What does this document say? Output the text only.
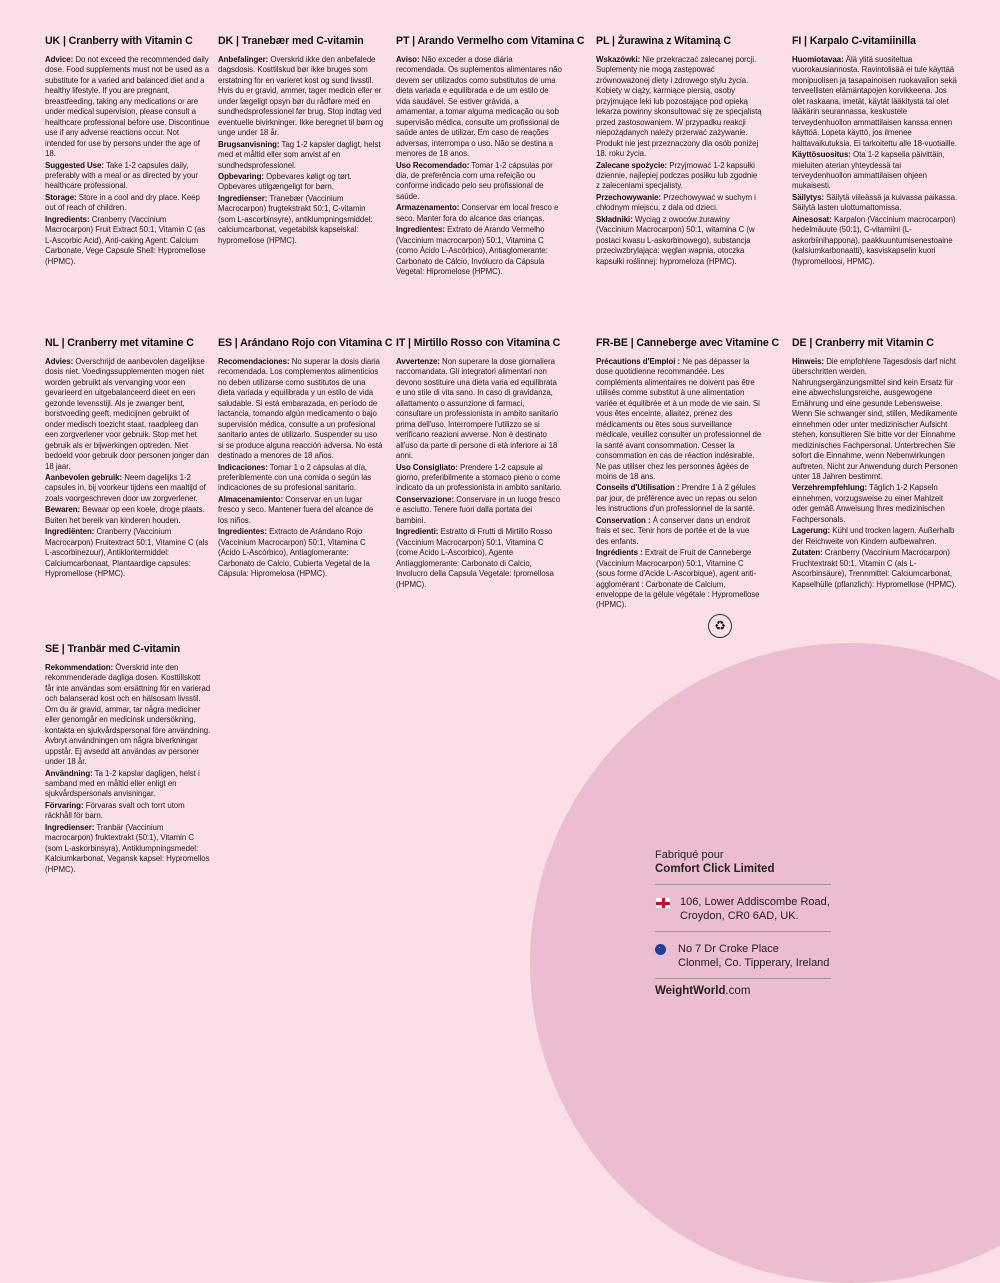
UK | Cranberry with Vitamin C

Advice: Do not exceed the recommended daily dose. Food supplements must not be used as a substitute for a varied and balanced diet and a healthy lifestyle. If you are pregnant, breastfeeding, taking any medications or are under medical supervision, please consult a healthcare professional before use. Discontinue use if any adverse reactions occur. Not intended for use by persons under the age of 18.

Suggested Use: Take 1-2 capsules daily, preferably with a meal or as directed by your healthcare professional.

Storage: Store in a cool and dry place. Keep out of reach of children.

Ingredients: Cranberry (Vaccinium Macrocarpon) Fruit Extract 50:1, Vitamin C (as L-Ascorbic Acid), Anti-caking Agent: Calcium Carbonate, Vege Capsule Shell: Hypromellose (HPMC).

DK | Tranebær med C-vitamin

Anbefalinger: Overskrid ikke den anbefalede dagsdosis. Kosttilskud bør ikke bruges som erstatning for en varieret kost og sund livsstil. Hvis du er gravid, ammer, tager medicin eller er under lægeligt opsyn bør du rådføre med en sundhedsprofessionel før brug. Stop indtag ved eventuelle bivirkninger. Ikke beregnet til børn og unge under 18 år.

Brugsanvisning: Tag 1-2 kapsler dagligt, helst med et måltid eller som anvist af en sundhedsprofessionel.

Opbevaring: Opbevares køligt og tørt. Opbevares utilgængeligt for børn.

Ingredienser: Tranebær (Vaccinium Macrocarpon) frugtekstrakt 50:1, C-vitamin (som L-ascorbinsyre), antiklumpningsmiddel: calciumcarbonat, vegetabilsk kapselskal: hypromellose (HPMC).

PT | Arando Vermelho com Vitamina C

Aviso: Não exceder a dose diária recomendada. Os suplementos alimentares não devem ser utilizados como substitutos de uma dieta variada e equilibrada e de um estilo de vida saudável. Se estiver grávida, a amamentar, a tomar alguma medicação ou sob supervisão médica, consulte um profissional de saúde antes de utilizar. Em caso de reações adversas, interrompa o uso. Não se destina a menores de 18 anos.

Uso Recomendado: Tomar 1-2 cápsulas por dia, de preferência com uma refeição ou conforme indicado pelo seu profissional de saúde.

Armazenamento: Conservar em local fresco e seco. Manter fora do alcance das crianças.

Ingredientes: Extrato de Arando Vermelho (Vaccinium macrocarpon) 50:1, Vitamina C (como Ácido L-Ascórbico), Antiaglomerante: Carbonato de Cálcio, Invólucro da Cápsula Vegetal: Hipromelose (HPMC).

PL | Żurawina z Witaminą C

Wskazówki: Nie przekraczać zalecanej porcji. Suplementy nie mogą zastępować zrównoważonej diety i zdrowego stylu życia. Kobiety w ciąży, karmiące piersią, osoby przyjmujące leki lub pozostające pod opieką lekarza powinny skonsultować się ze specjalistą przed zastosowaniem. W przypadku reakcji niepożądanych należy przerwać zażywanie. Produkt nie jest przeznaczony dla osób poniżej 18. roku życia.

Zalecane spożycie: Przyjmować 1-2 kapsułki dziennie, najlepiej podczas posiłku lub zgodnie z zaleceniami specjalisty.

Przechowywanie: Przechowywać w suchym i chłodnym miejscu, z dala od dzieci.

Składniki: Wyciąg z owoców żurawiny (Vaccinium Macrocarpon) 50:1, witamina C (w postaci kwasu L-askorbinowego), substancja przeciwzbrylająca: węglan wapnia, otoczka kapsułki roślinnej: hypromeloza (HPMC).

FI | Karpalo C-vitamiinilla

Huomiotavaa: Älä ylitä suositeltua vuorokausiannosta. Ravintolisää ei tule käyttää monipuolisen ja tasapainoisen ruokavalion sekä terveellisten elämäntapojen korvikkeena. Jos olet raskaana, imetät, käytät lääkitystä tai olet lääkärin seurannassa, keskustele terveydenhuollon ammattilaisen kanssa ennen käyttöä. Lopeta käyttö, jos ilmenee haittavaikutuksia. Ei tarkoitettu alle 18-vuotiaille.

Käyttösuositus: Ota 1-2 kapselia päivittäin, mieluiten aterian yhteydessä tai terveydenhuollon ammattilaisen ohjeen mukaisesti.

Säilytys: Säilytä viileässä ja kuivassa paikassa. Säilytä lasten ulottumattomissa.

Ainesosat: Karpalon (Vaccinium macrocarpon) hedelmäuute (50:1), C-vitamiini (L-askorbiinihappona), paakkuuntumisenestoaine (kalsiumkarbonaatti), kasviskapselin kuori (hypromelloosi, HPMC).

NL | Cranberry met vitamine C

Advies: Overschrijd de aanbevolen dagelijkse dosis niet. Voedingssupplementen mogen niet worden gebruikt als vervanging voor een gevarieerd en uitgebalanceerd dieet en een gezonde levensstijl. Als je zwanger bent, borstvoeding geeft, medicijnen gebruikt of onder medisch toezicht staat, raadpleeg dan een zorgverlener voor gebruik. Stop met het gebruik als er bijwerkingen optreden. Niet bedoeld voor gebruik door personen jonger dan 18 jaar.

Aanbevolen gebruik: Neem dagelijks 1-2 capsules in, bij voorkeur tijdens een maaltijd of zoals voorgeschreven door uw zorgverlener.

Bewaren: Bewaar op een koele, droge plaats. Buiten het bereik van kinderen houden.

Ingrediënten: Cranberry (Vaccinium Macrocarpon) Fruitextract 50:1, Vitamine C (als L-ascorbinezuur), Antiklontermiddel: Calciumcarbonaat, Plantaardige capsules: Hypromellose (HPMC).

ES | Arándano Rojo con Vitamina C

Recomendaciones: No superar la dosis diaria recomendada. Los complementos alimenticios no deben utilizarse como sustitutos de una dieta variada y equilibrada y un estilo de vida saludable. Si está embarazada, en período de lactancia, tomando algún medicamento o bajo supervisión médica, consulte a un profesional sanitario antes de utilizarlo. Suspender su uso si se produce alguna reacción adversa. No está destinado a menores de 18 años.

Indicaciones: Tomar 1 o 2 cápsulas al día, preferiblemente con una comida o según las indicaciones de su profesional sanitario.

Almacenamiento: Conservar en un lugar fresco y seco. Mantener fuera del alcance de los niños.

Ingredientes: Extracto de Arándano Rojo (Vaccinium Macrocarpon) 50:1, Vitamina C (Ácido L-Ascórbico), Antiaglomerante: Carbonato de Calcio, Cubierta Vegetal de la Cápsula: Hipromelosa (HPMC).

IT | Mirtillo Rosso con Vitamina C

Avvertenze: Non superare la dose giornaliera raccomandata. Gli integratori alimentari non devono sostituire una dieta varia ed equilibrata e uno stile di vita sano. In caso di gravidanza, allattamento o assunzione di farmaci, consultare un professionista in ambito sanitario prima dell'uso. Interrompere l'utilizzo se si verificano reazioni avverse. Non è destinato all'uso da parte di persone di età inferiore ai 18 anni.

Uso Consigliato: Prendere 1-2 capsule al giorno, preferibilmente a stomaco pieno o come indicato da un professionista in ambito sanitario.

Conservazione: Conservare in un luogo fresco e asciutto. Tenere fuori dalla portata dei bambini.

Ingredienti: Estratto di Frutti di Mirtillo Rosso (Vaccinium Macrocarpon) 50:1, Vitamina C (come Acido L-Ascorbico), Agente Antiagglomerante: Carbonato di Calcio, Involucro della Capsula Vegetale: Ipromellosa (HPMC).

FR-BE | Canneberge avec Vitamine C

Précautions d'Emploi : Ne pas dépasser la dose quotidienne recommandée. Les compléments alimentaires ne doivent pas être utilisés comme substitut à une alimentation variée et équilibrée et à un mode de vie sain. Si vous êtes enceinte, allaitez, prenez des médicaments ou êtes sous surveillance médicale, veuillez consulter un professionnel de la santé avant consommation. Cesser la consommation en cas de réaction indésirable. Ne pas utiliser chez les personnes âgées de moins de 18 ans.

Conseils d'Utilisation : Prendre 1 à 2 gélules par jour, de préférence avec un repas ou selon les instructions d'un professionnel de la santé.

Conservation : À conserver dans un endroit frais et sec. Tenir hors de portée et de la vue des enfants.

Ingrédients : Extrait de Fruit de Canneberge (Vaccinium Macrocarpon) 50:1, Vitamine C (sous forme d'Acide L-Ascorbique), agent anti-agglomérant : Carbonate de Calcium, enveloppe de la gélule végétale : Hypromellose (HPMC).

♻
DE | Cranberry mit Vitamin C

Hinweis: Die empfohlene Tagesdosis darf nicht überschritten werden. Nahrungsergänzungsmittel sind kein Ersatz für eine abwechslungsreiche, ausgewogene Ernährung und eine gesunde Lebensweise. Wenn Sie schwanger sind, stillen, Medikamente einnehmen oder unter medizinischer Aufsicht stehen, konsultieren Sie bitte vor der Einnahme medizinisches Fachpersonal. Unterbrechen Sie sofort die Einnahme, wenn Nebenwirkungen auftreten. Nicht zur Anwendung durch Personen unter 18 Jahren bestimmt.

Verzehrempfehlung: Täglich 1-2 Kapseln einnehmen, vorzugsweise zu einer Mahlzeit oder gemäß Anweisung Ihres medizinischen Fachpersonals.

Lagerung: Kühl und trocken lagern. Außerhalb der Reichweite von Kindern aufbewahren.

Zutaten: Cranberry (Vaccinium Macrocarpon) Fruchtextrakt 50:1, Vitamin C (als L-Ascorbinsäure), Trennmittel: Calciumcarbonat, Kapselhülle (pflanzlich): Hypromellose (HPMC).

SE | Tranbär med C-vitamin

Rekommendation: Överskrid inte den rekommenderade dagliga dosen. Kosttillskott får inte användas som ersättning för en varierad och balanserad kost och en hälsosam livsstil. Om du är gravid, ammar, tar några mediciner eller genomgår en medicinsk undersökning, kontakta en sjukvårdspersonal före användning. Avbryt användningen om några biverkningar uppstår. Ej avsedd att användas av personer under 18 år.

Användning: Ta 1-2 kapslar dagligen, helst i samband med en måltid eller enligt en sjukvårdspersonals anvisningar.

Förvaring: Förvaras svalt och torrt utom räckhåll för barn.

Ingredienser: Tranbär (Vaccinium macrocarpon) fruktextrakt (50:1), Vitamin C (som L-askorbinsyra), Antiklumpningsmedel: Kalciumkarbonat, Vegansk kapsel: Hypromellos (HPMC).

Fabriqué pour
Comfort Click Limited
106, Lower Addiscombe Road,
Croydon, CR0 6AD, UK.
·
No 7 Dr Croke Place
Clonmel, Co. Tipperary, Ireland
WeightWorld.com
